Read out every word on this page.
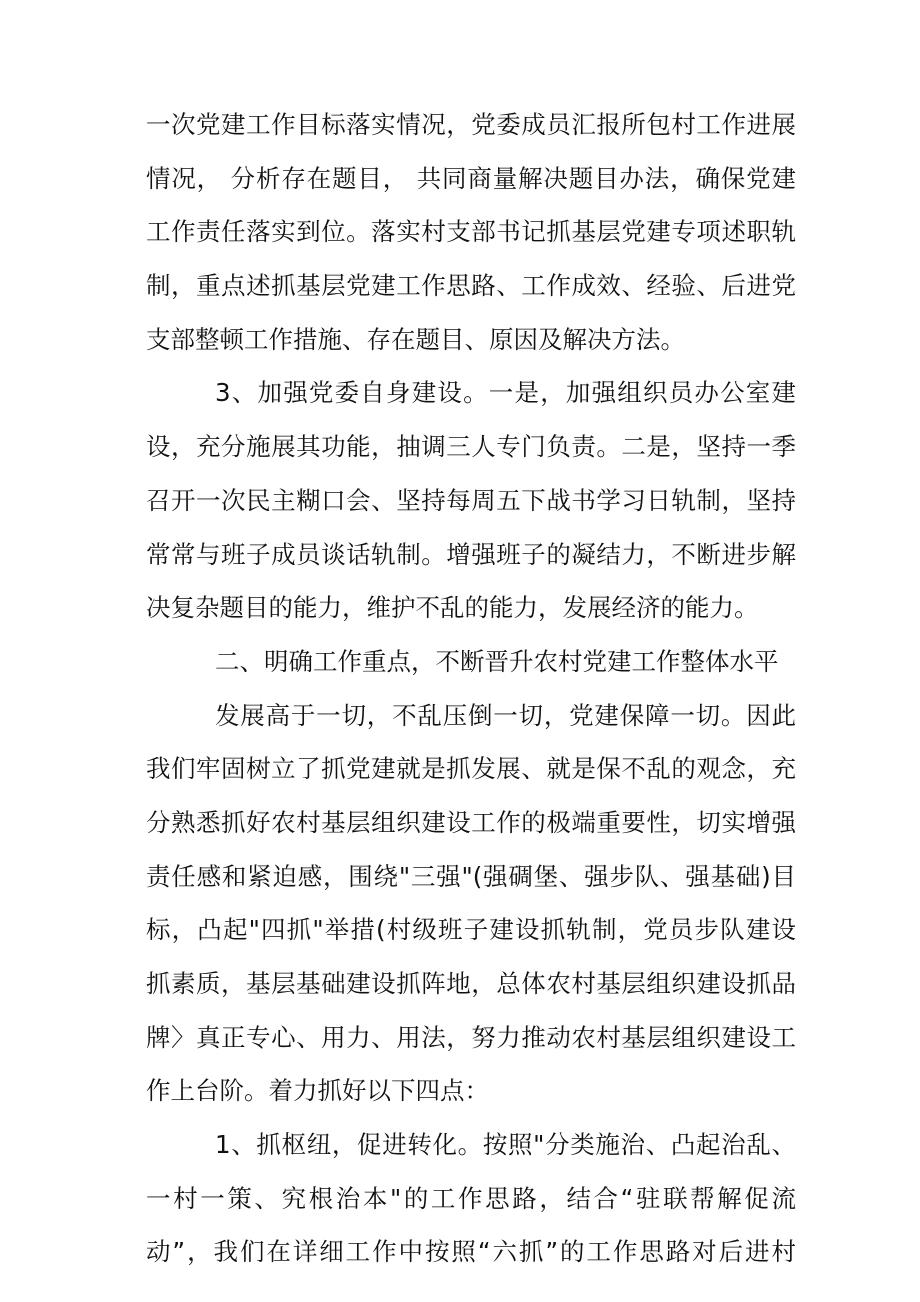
一次党建工作目标落实情况，党委成员汇报所包村工作进展
情况， 分析存在题目， 共同商量解决题目办法，确保党建
工作责任落实到位。落实村支部书记抓基层党建专项述职轨
制，重点述抓基层党建工作思路、工作成效、经验、后进党
支部整顿工作措施、存在题目、原因及解决方法。
3、加强党委自身建设。一是，加强组织员办公室建
设，充分施展其功能，抽调三人专门负责。二是，坚持一季
召开一次民主糊口会、坚持每周五下战书学习日轨制，坚持
常常与班子成员谈话轨制。增强班子的凝结力，不断进步解
决复杂题目的能力，维护不乱的能力，发展经济的能力。
二、明确工作重点，不断晋升农村党建工作整体水平
发展高于一切，不乱压倒一切，党建保障一切。因此
我们牢固树立了抓党建就是抓发展、就是保不乱的观念，充
分熟悉抓好农村基层组织建设工作的极端重要性，切实增强
责任感和紧迫感，围绕"三强"(强碉堡、强步队、强基础)目
标，凸起"四抓"举措(村级班子建设抓轨制，党员步队建设
抓素质，基层基础建设抓阵地，总体农村基层组织建设抓品
牌〉真正专心、用力、用法，努力推动农村基层组织建设工
作上台阶。着力抓好以下四点：
1、抓枢纽，促进转化。按照"分类施治、凸起治乱、
一村一策、究根治本"的工作思路，结合“驻联帮解促流
动”，我们在详细工作中按照“六抓”的工作思路对后进村
